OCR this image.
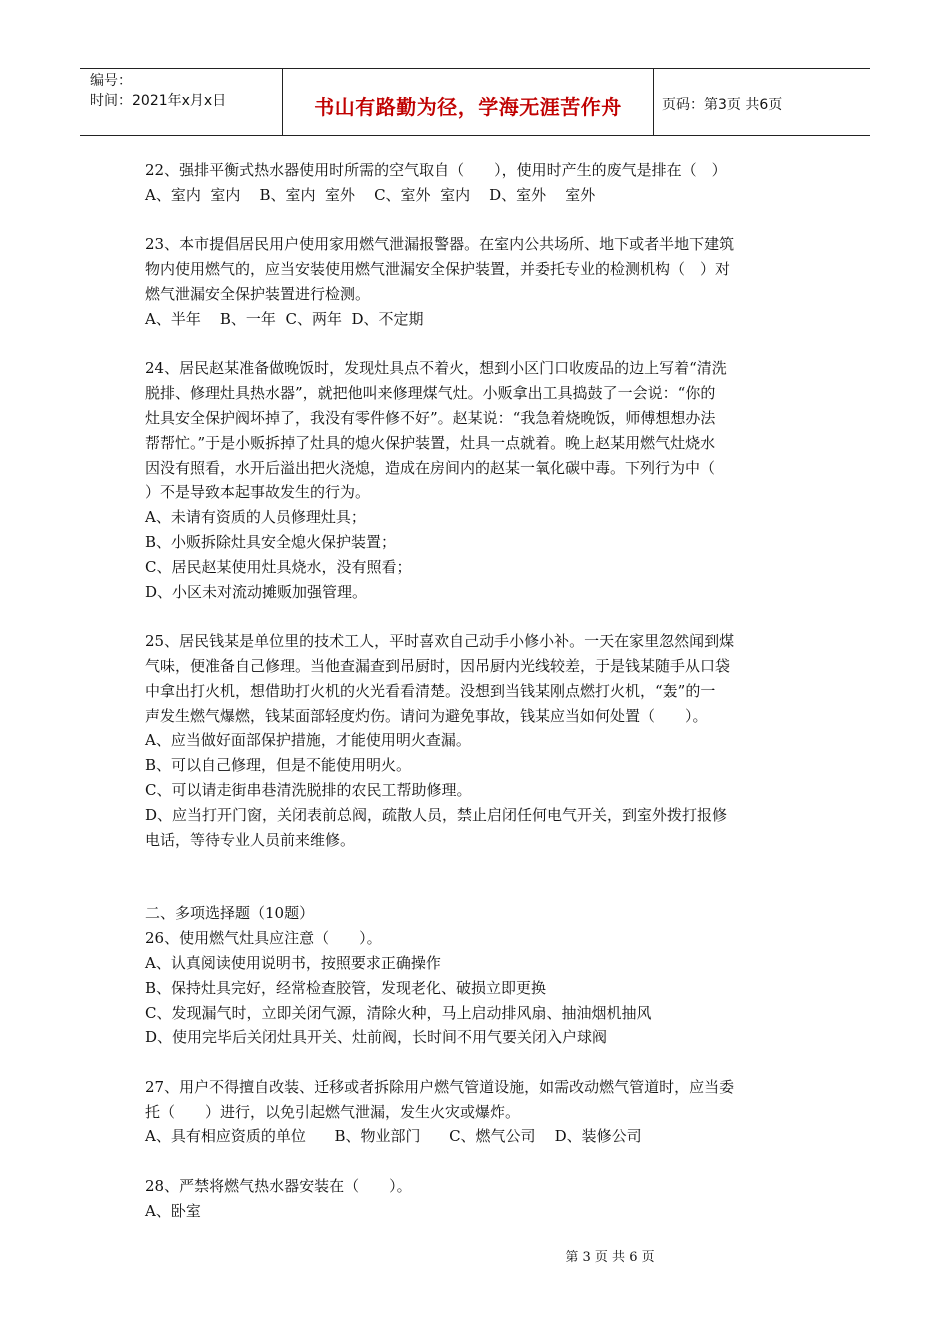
编号：
时间：2021年x月x日	书山有路勤为径，学海无涯苦作舟	页码：第3页 共6页

22、强排平衡式热水器使用时所需的空气取自（　　），使用时产生的废气是排在（　）

A、室内  室内    B、室内  室外    C、室外  室内    D、室外    室外

23、本市提倡居民用户使用家用燃气泄漏报警器。在室内公共场所、地下或者半地下建筑

物内使用燃气的，应当安装使用燃气泄漏安全保护装置，并委托专业的检测机构（　）对

燃气泄漏安全保护装置进行检测。

A、半年    B、一年  C、两年  D、不定期

24、居民赵某准备做晚饭时，发现灶具点不着火，想到小区门口收废品的边上写着“清洗

脱排、修理灶具热水器”，就把他叫来修理煤气灶。小贩拿出工具捣鼓了一会说：“你的

灶具安全保护阀坏掉了，我没有零件修不好”。赵某说：“我急着烧晚饭，师傅想想办法

帮帮忙。”于是小贩拆掉了灶具的熄火保护装置，灶具一点就着。晚上赵某用燃气灶烧水

因没有照看，水开后溢出把火浇熄，造成在房间内的赵某一氧化碳中毒。下列行为中（

）不是导致本起事故发生的行为。

A、未请有资质的人员修理灶具；

B、小贩拆除灶具安全熄火保护装置；

C、居民赵某使用灶具烧水，没有照看；

D、小区未对流动摊贩加强管理。

25、居民钱某是单位里的技术工人，平时喜欢自己动手小修小补。一天在家里忽然闻到煤

气味，便准备自己修理。当他查漏查到吊厨时，因吊厨内光线较差，于是钱某随手从口袋

中拿出打火机，想借助打火机的火光看看清楚。没想到当钱某刚点燃打火机，“轰”的一

声发生燃气爆燃，钱某面部轻度灼伤。请问为避免事故，钱某应当如何处置（　　）。

A、应当做好面部保护措施，才能使用明火查漏。

B、可以自己修理，但是不能使用明火。

C、可以请走街串巷清洗脱排的农民工帮助修理。

D、应当打开门窗，关闭表前总阀，疏散人员，禁止启闭任何电气开关，到室外拨打报修

电话，等待专业人员前来维修。

二、多项选择题（10题）

26、使用燃气灶具应注意（　　）。

A、认真阅读使用说明书，按照要求正确操作

B、保持灶具完好，经常检查胶管，发现老化、破损立即更换

C、发现漏气时，立即关闭气源，清除火种，马上启动排风扇、抽油烟机抽风

D、使用完毕后关闭灶具开关、灶前阀，长时间不用气要关闭入户球阀

27、用户不得擅自改装、迁移或者拆除用户燃气管道设施，如需改动燃气管道时，应当委

托（　　）进行，以免引起燃气泄漏，发生火灾或爆炸。

A、具有相应资质的单位      B、物业部门      C、燃气公司    D、装修公司

28、严禁将燃气热水器安装在（　　）。

A、卧室

第 3 页 共 6 页
